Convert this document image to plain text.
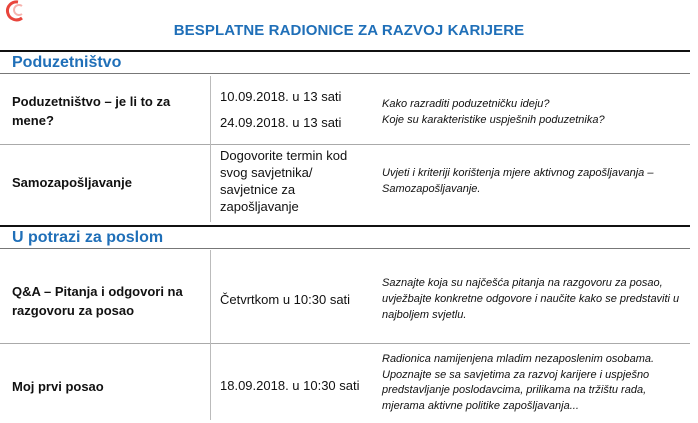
BESPLATNE RADIONICE ZA RAZVOJ KARIJERE
Poduzetništvo
Poduzetništvo – je li to za mene?
10.09.2018. u 13 sati
24.09.2018. u 13 sati
Kako razraditi poduzetničku ideju?
Koje su karakteristike uspješnih poduzetnika?
Samozapošljavanje
Dogovorite termin kod svog savjetnika/ savjetnice za zapošljavanje
Uvjeti i kriteriji korištenja mjere aktivnog zapošljavanja – Samozapošljavanje.
U potrazi za poslom
Q&A – Pitanja i odgovori na razgovoru za posao
Četvrtkom u 10:30 sati
Saznajte koja su najčešća pitanja na razgovoru za posao, uvježbajte konkretne odgovore i naučite kako se predstaviti u najboljem svjetlu.
Moj prvi posao	18.09.2018. u 10:30 sati
Radionica namijenjena mladim nezaposlenim osobama. Upoznajte se sa savjetima za razvoj karijere i uspješno predstavljanje poslodavcima, prilikama na tržištu rada, mjerama aktivne politike zapošljavanja...
